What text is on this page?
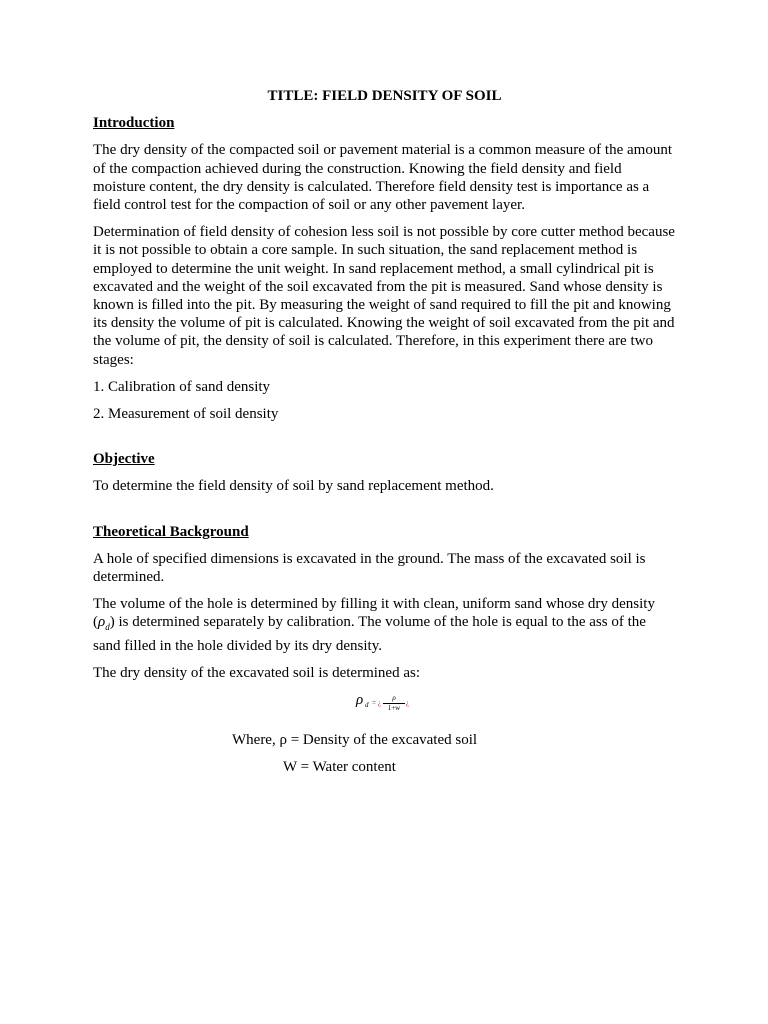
TITLE: FIELD DENSITY OF SOIL
Introduction

The dry density of the compacted soil or pavement material is a common measure of the amount of the compaction achieved during the construction. Knowing the field density and field moisture content, the dry density is calculated. Therefore field density test is importance as a field control test for the compaction of soil or any other pavement layer.

Determination of field density of cohesion less soil is not possible by core cutter method because it is not possible to obtain a core sample. In such situation, the sand replacement method is employed to determine the unit weight. In sand replacement method, a small cylindrical pit is excavated and the weight of the soil excavated from the pit is measured. Sand whose density is known is filled into the pit. By measuring the weight of sand required to fill the pit and knowing its density the volume of pit is calculated. Knowing the weight of soil excavated from the pit and the volume of pit, the density of soil is calculated. Therefore, in this experiment there are two stages:

1. Calibration of sand density

2. Measurement of soil density

Objective

To determine the field density of soil by sand replacement method.

Theoretical Background

A hole of specified dimensions is excavated in the ground. The mass of the excavated soil is determined.

The volume of the hole is determined by filling it with clean, uniform sand whose dry density $(\rho_d)$ is determined separately by calibration. The volume of the hole is equal to the ass of the sand filled in the hole divided by its dry density.

The dry density of the excavated soil is determined as:

ρ d = ¿
ρ
1+w
¿
Where, ρ = Density of the excavated soil
W = Water content
